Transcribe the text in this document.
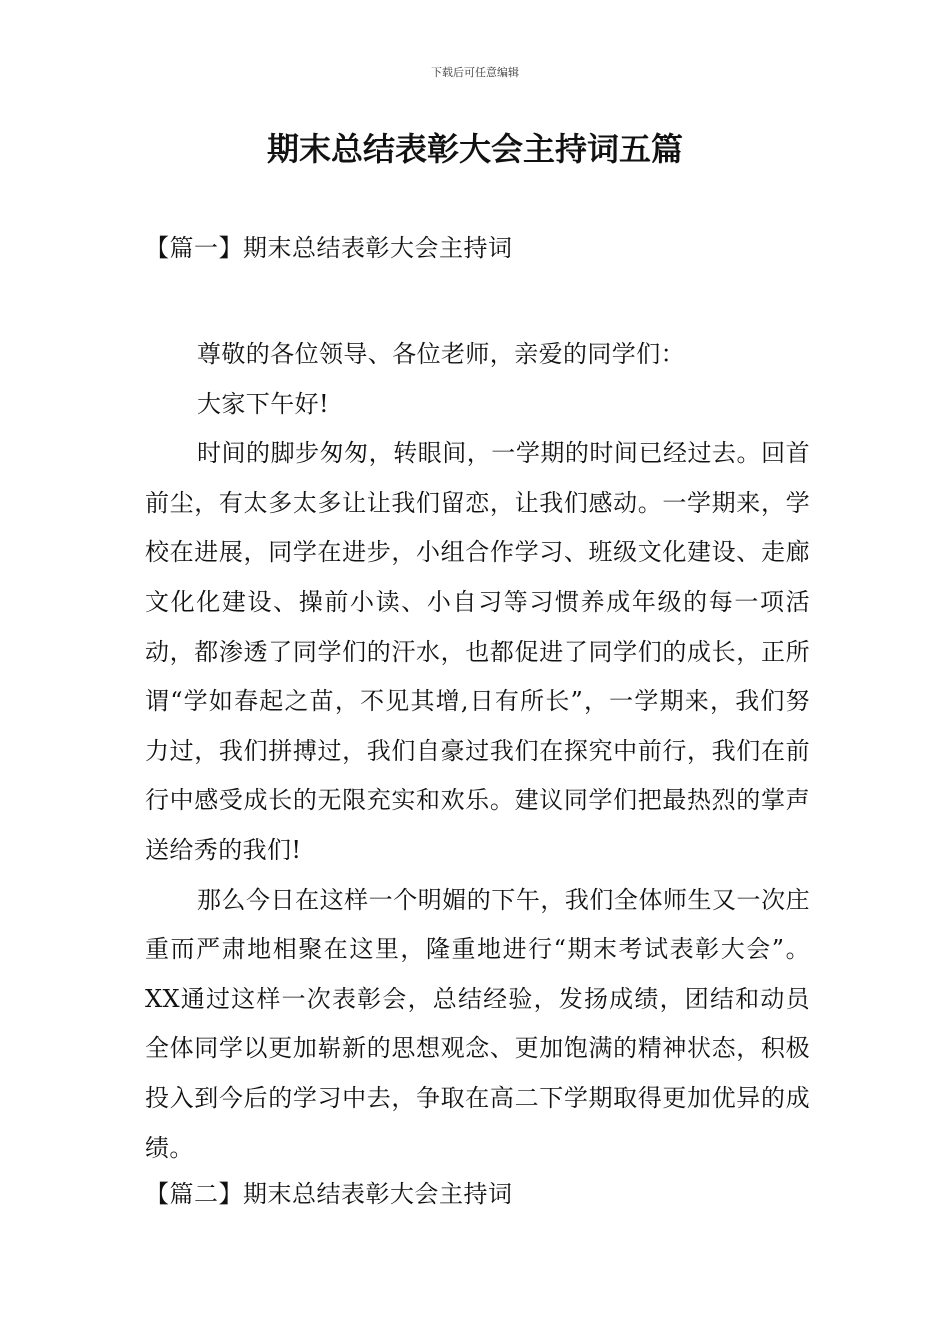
下载后可任意编辑
期末总结表彰大会主持词五篇
【篇一】期末总结表彰大会主持词

尊敬的各位领导、各位老师，亲爱的同学们：

大家下午好!

时间的脚步匆匆，转眼间，一学期的时间已经过去。回首前尘，有太多太多让让我们留恋，让我们感动。一学期来，学校在进展，同学在进步，小组合作学习、班级文化建设、走廊文化化建设、操前小读、小自习等习惯养成年级的每一项活动，都渗透了同学们的汗水，也都促进了同学们的成长，正所谓“学如春起之苗，不见其增,日有所长”，一学期来，我们努力过，我们拼搏过，我们自豪过我们在探究中前行，我们在前行中感受成长的无限充实和欢乐。建议同学们把最热烈的掌声送给秀的我们!

那么今日在这样一个明媚的下午，我们全体师生又一次庄重而严肃地相聚在这里，隆重地进行“期末考试表彰大会”。XX通过这样一次表彰会，总结经验，发扬成绩，团结和动员全体同学以更加崭新的思想观念、更加饱满的精神状态，积极投入到今后的学习中去，争取在高二下学期取得更加优异的成绩。

【篇二】期末总结表彰大会主持词
